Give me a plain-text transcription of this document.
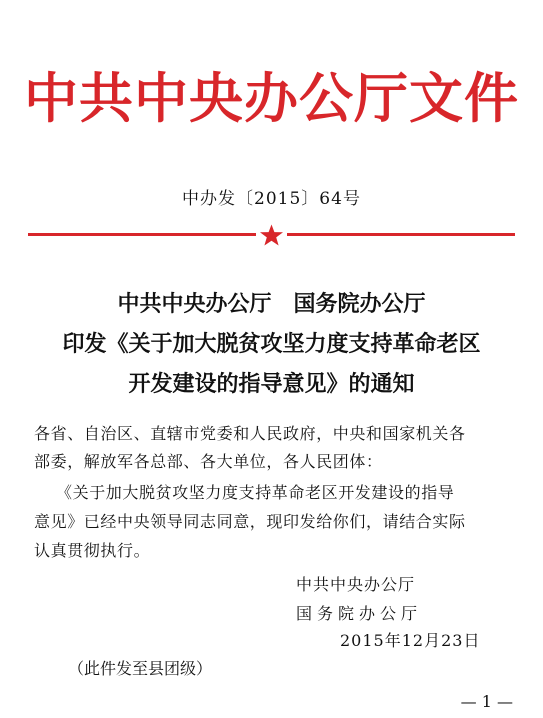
中共中央办公厅文件
中办发〔2015〕64号
中共中央办公厅　国务院办公厅
印发《关于加大脱贫攻坚力度支持革命老区
开发建设的指导意见》的通知
各省、自治区、直辖市党委和人民政府，中央和国家机关各
部委，解放军各总部、各大单位，各人民团体：
《关于加大脱贫攻坚力度支持革命老区开发建设的指导
意见》已经中央领导同志同意，现印发给你们，请结合实际
认真贯彻执行。
中共中央办公厅
国务院办公厅
2015年12月23日
（此件发至县团级）
— 1 —
